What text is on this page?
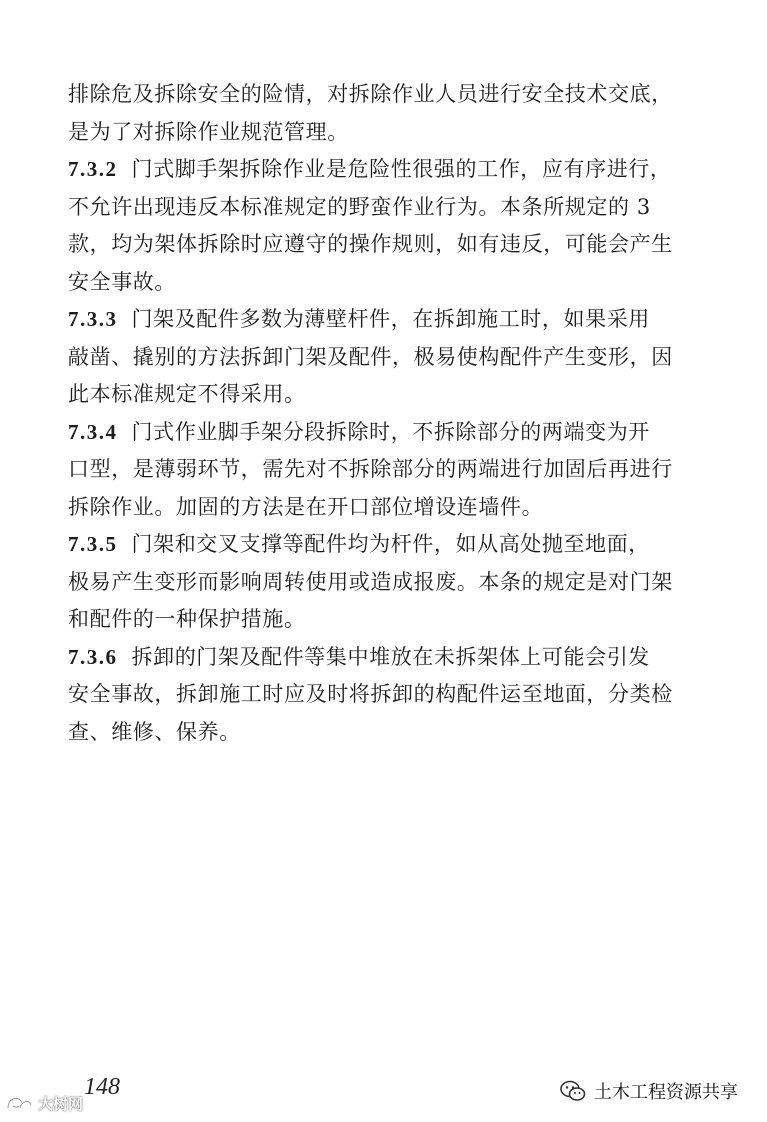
排除危及拆除安全的险情，对拆除作业人员进行安全技术交底，
是为了对拆除作业规范管理。
7.3.2 门式脚手架拆除作业是危险性很强的工作，应有序进行，
不允许出现违反本标准规定的野蛮作业行为。本条所规定的 3
款，均为架体拆除时应遵守的操作规则，如有违反，可能会产生
安全事故。
7.3.3 门架及配件多数为薄壁杆件，在拆卸施工时，如果采用
敲凿、撬别的方法拆卸门架及配件，极易使构配件产生变形，因
此本标准规定不得采用。
7.3.4 门式作业脚手架分段拆除时，不拆除部分的两端变为开
口型，是薄弱环节，需先对不拆除部分的两端进行加固后再进行
拆除作业。加固的方法是在开口部位增设连墙件。
7.3.5 门架和交叉支撑等配件均为杆件，如从高处抛至地面，
极易产生变形而影响周转使用或造成报废。本条的规定是对门架
和配件的一种保护措施。
7.3.6 拆卸的门架及配件等集中堆放在未拆架体上可能会引发
安全事故，拆卸施工时应及时将拆卸的构配件运至地面，分类检
查、维修、保养。
148	土木工程资源共享
大树网
